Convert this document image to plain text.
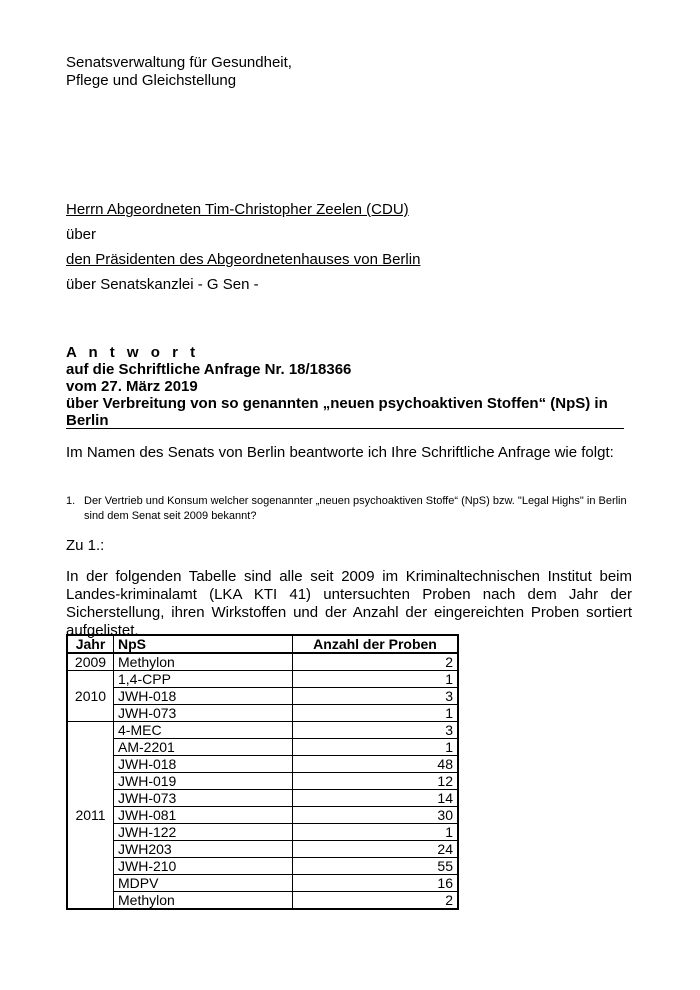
Senatsverwaltung für Gesundheit,
Pflege und Gleichstellung
Herrn Abgeordneten Tim-Christopher Zeelen (CDU)
über
den Präsidenten des Abgeordnetenhauses von Berlin
über Senatskanzlei - G Sen -
A n t w o r t
auf die Schriftliche Anfrage Nr. 18/18366
vom 27. März 2019
über Verbreitung von so genannten „neuen psychoaktiven Stoffen“ (NpS) in Berlin
Im Namen des Senats von Berlin beantworte ich Ihre Schriftliche Anfrage wie folgt:
1. Der Vertrieb und Konsum welcher sogenannter „neuen psychoaktiven Stoffe“ (NpS) bzw. "Legal Highs" in Berlin sind dem Senat seit 2009 bekannt?
Zu 1.:
In der folgenden Tabelle sind alle seit 2009 im Kriminaltechnischen Institut beim Landes-kriminalamt (LKA KTI 41) untersuchten Proben nach dem Jahr der Sicherstellung, ihren Wirkstoffen und der Anzahl der eingereichten Proben sortiert aufgelistet.
Jahr	NpS	Anzahl der Proben
2009	Methylon	2
2010	1,4-CPP	1
	JWH-018	3
	JWH-073	1
2011	4-MEC	3
	AM-2201	1
	JWH-018	48
	JWH-019	12
	JWH-073	14
	JWH-081	30
	JWH-122	1
	JWH203	24
	JWH-210	55
	MDPV	16
	Methylon	2
